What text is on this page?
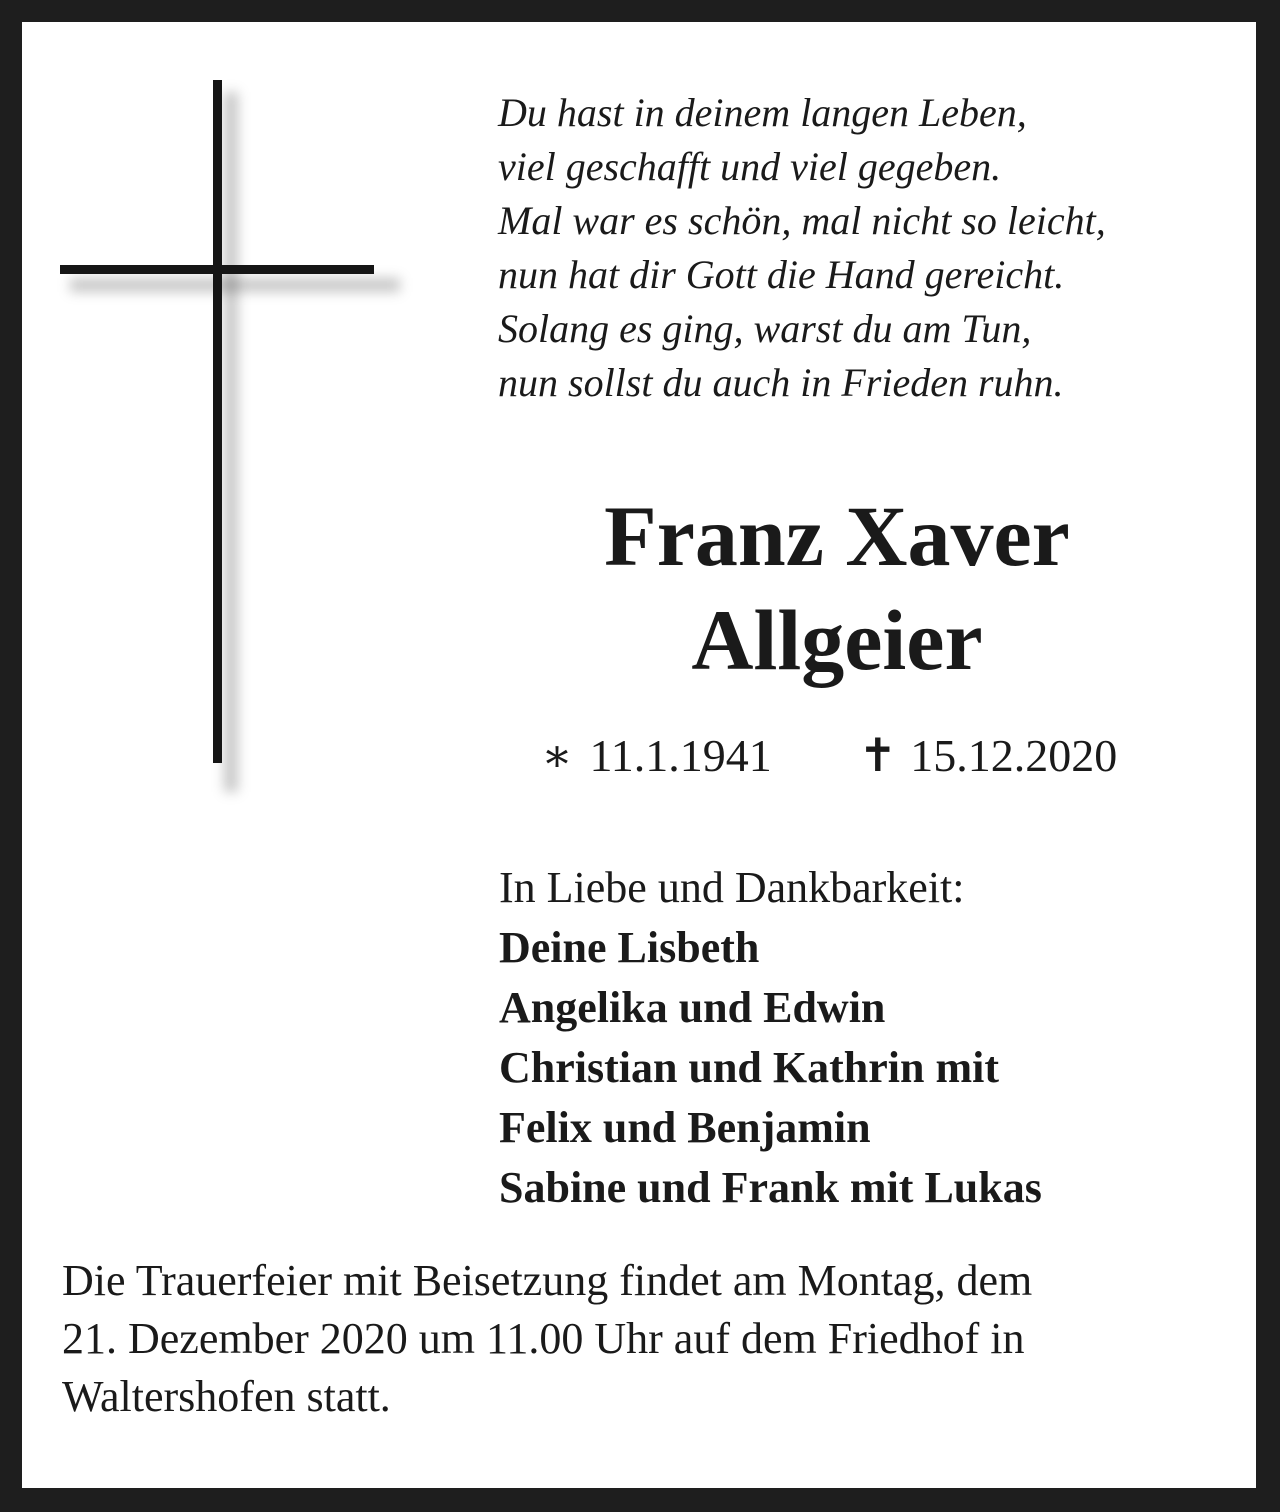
Du hast in deinem langen Leben,
viel geschafft und viel gegeben.
Mal war es schön, mal nicht so leicht,
nun hat dir Gott die Hand gereicht.
Solang es ging, warst du am Tun,
nun sollst du auch in Frieden ruhn.
Franz Xaver
Allgeier
∗ 11.1.1941 ✝ 15.12.2020
In Liebe und Dankbarkeit:
Deine Lisbeth
Angelika und Edwin
Christian und Kathrin mit
Felix und Benjamin
Sabine und Frank mit Lukas
Die Trauerfeier mit Beisetzung findet am Montag, dem
21. Dezember 2020 um 11.00 Uhr auf dem Friedhof in
Waltershofen statt.
